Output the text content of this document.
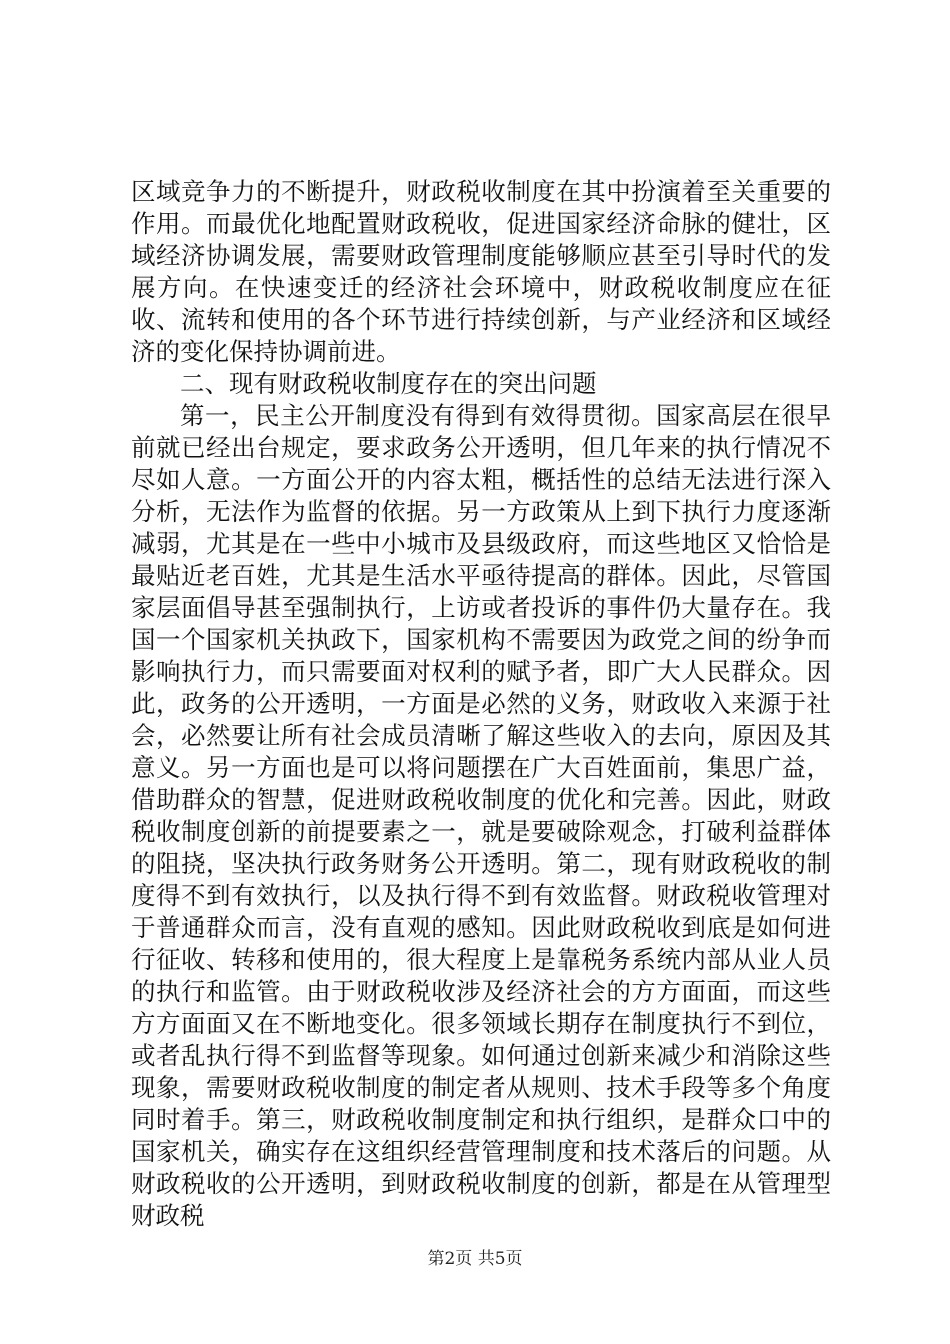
区域竞争力的不断提升，财政税收制度在其中扮演着至关重要的作用。而最优化地配置财政税收，促进国家经济命脉的健壮，区域经济协调发展，需要财政管理制度能够顺应甚至引导时代的发展方向。在快速变迁的经济社会环境中，财政税收制度应在征收、流转和使用的各个环节进行持续创新，与产业经济和区域经济的变化保持协调前进。

二、现有财政税收制度存在的突出问题

第一，民主公开制度没有得到有效得贯彻。国家高层在很早前就已经出台规定，要求政务公开透明，但几年来的执行情况不尽如人意。一方面公开的内容太粗，概括性的总结无法进行深入分析，无法作为监督的依据。另一方政策从上到下执行力度逐渐减弱，尤其是在一些中小城市及县级政府，而这些地区又恰恰是最贴近老百姓，尤其是生活水平亟待提高的群体。因此，尽管国家层面倡导甚至强制执行，上访或者投诉的事件仍大量存在。我国一个国家机关执政下，国家机构不需要因为政党之间的纷争而影响执行力，而只需要面对权利的赋予者，即广大人民群众。因此，政务的公开透明，一方面是必然的义务，财政收入来源于社会，必然要让所有社会成员清晰了解这些收入的去向，原因及其意义。另一方面也是可以将问题摆在广大百姓面前，集思广益，借助群众的智慧，促进财政税收制度的优化和完善。因此，财政税收制度创新的前提要素之一，就是要破除观念，打破利益群体的阻挠，坚决执行政务财务公开透明。第二，现有财政税收的制度得不到有效执行，以及执行得不到有效监督。财政税收管理对于普通群众而言，没有直观的感知。因此财政税收到底是如何进行征收、转移和使用的，很大程度上是靠税务系统内部从业人员的执行和监管。由于财政税收涉及经济社会的方方面面，而这些方方面面又在不断地变化。很多领域长期存在制度执行不到位，或者乱执行得不到监督等现象。如何通过创新来减少和消除这些现象，需要财政税收制度的制定者从规则、技术手段等多个角度同时着手。第三，财政税收制度制定和执行组织，是群众口中的国家机关，确实存在这组织经营管理制度和技术落后的问题。从财政税收的公开透明，到财政税收制度的创新，都是在从管理型财政税

第2页 共5页
